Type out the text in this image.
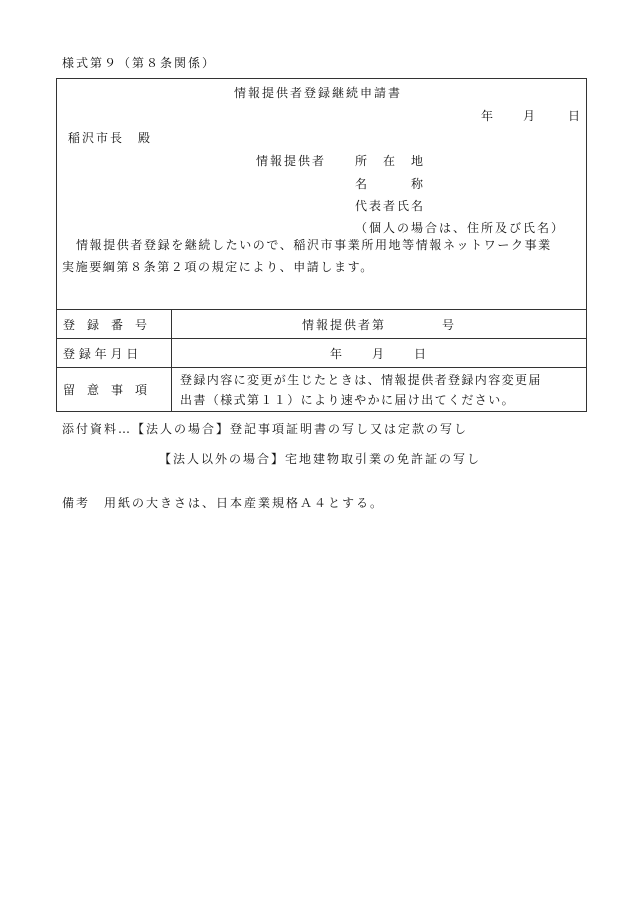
様式第９（第８条関係）
情報提供者登録継続申請書
年 月	日
稲沢市長　殿
情報提供者 所　在　地
名　　　称
代表者氏名
（個人の場合は、住所及び氏名）
情報提供者登録を継続したいので、稲沢市事業所用地等情報ネットワーク事業
実施要綱第８条第２項の規定により、申請します。
登　録　番　号	情報提供者第　　　　号

登 録 年 月 日	年　　月　　日

留　意　事　項	登録内容に変更が生じたときは、情報提供者登録内容変更届
出書（様式第１１）により速やかに届け出てください。
添付資料…【法人の場合】登記事項証明書の写し又は定款の写し
【法人以外の場合】宅地建物取引業の免許証の写し
備考　用紙の大きさは、日本産業規格Ａ４とする。
